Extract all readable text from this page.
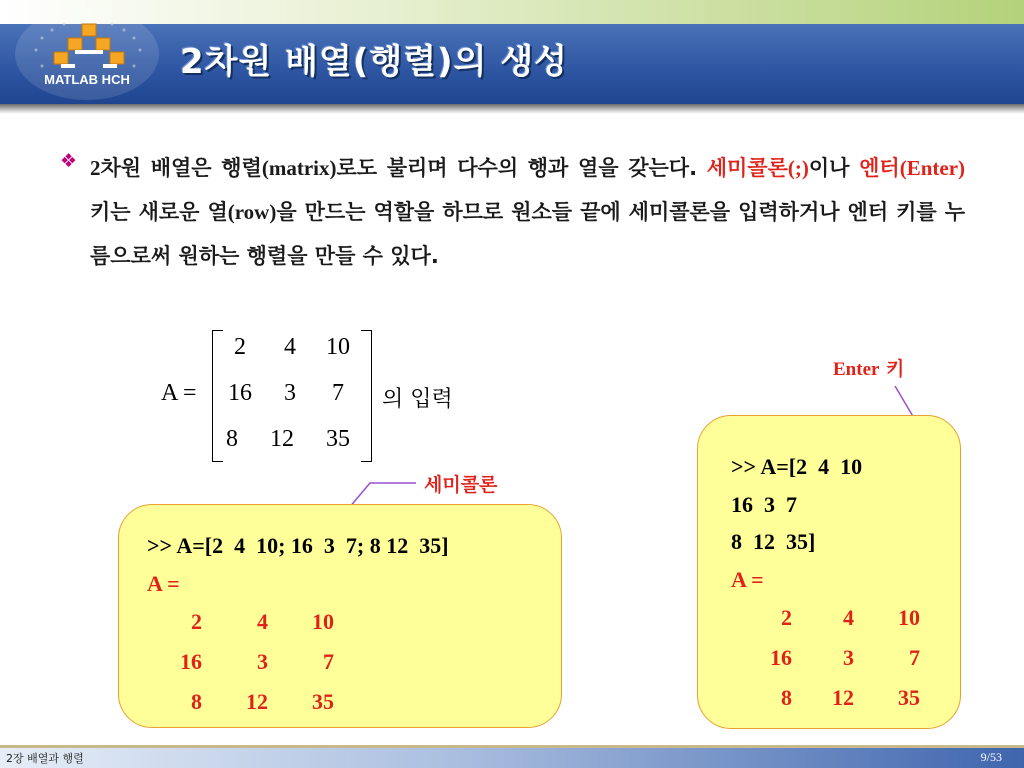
MATLAB HCH 2차원 배열(행렬)의 생성
❖ 2차원 배열은 행렬(matrix)로도 불리며 다수의 행과 열을 갖는다. 세미콜론(;)이나 엔터(Enter) 키는 새로운 열(row)을 만드는 역할을 하므로 원소들 끝에 세미콜론을 입력하거나 엔터 키를 누름으로써 원하는 행렬을 만들 수 있다.

A =
2	4	10
16	3	7
8	12	35
의 입력
세미콜론
Enter 키
>> A=[2  4  10; 16  3  7; 8 12  35]
A =
2	4 10
16	3	7
8 12 35
>> A=[2  4  10
16  3  7
8  12  35]
A =
2 4 10
16 3	7
8 12 35
2장 배열과 행렬	9/53
